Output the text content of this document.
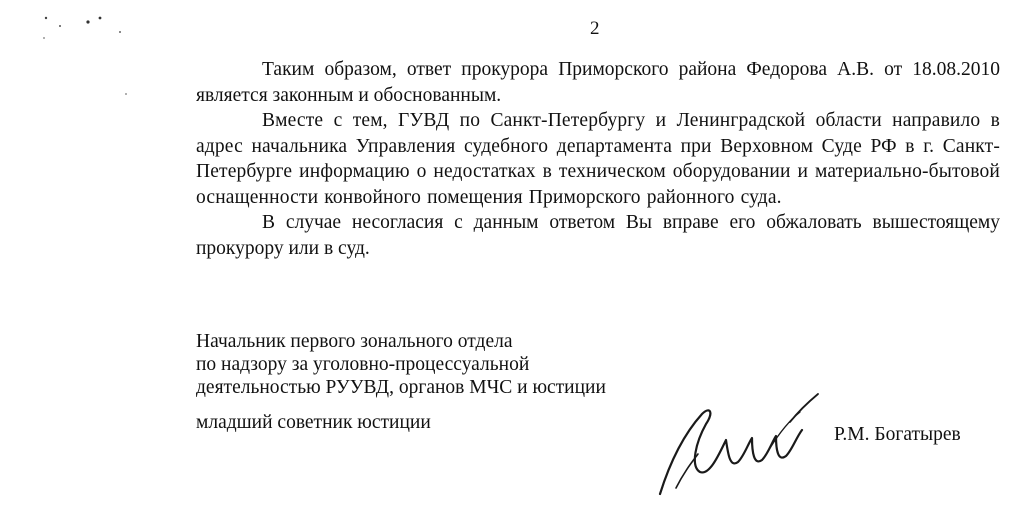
2

Таким образом, ответ прокурора Приморского района Федорова А.В. от 18.08.2010 является законным и обоснованным.

Вместе с тем, ГУВД по Санкт-Петербургу и Ленинградской области направило в адрес начальника Управления судебного департамента при Верховном Суде РФ в г. Санкт-Петербурге информацию о недостатках в техническом оборудовании и материально-бытовой оснащенности конвойного помещения Приморского районного суда.

В случае несогласия с данным ответом Вы вправе его обжаловать вышестоящему прокурору или в суд.

Начальник первого зонального отдела
по надзору за уголовно-процессуальной
деятельностью РУУВД, органов МЧС и юстиции
младший советник юстиции
Р.М. Богатырев
